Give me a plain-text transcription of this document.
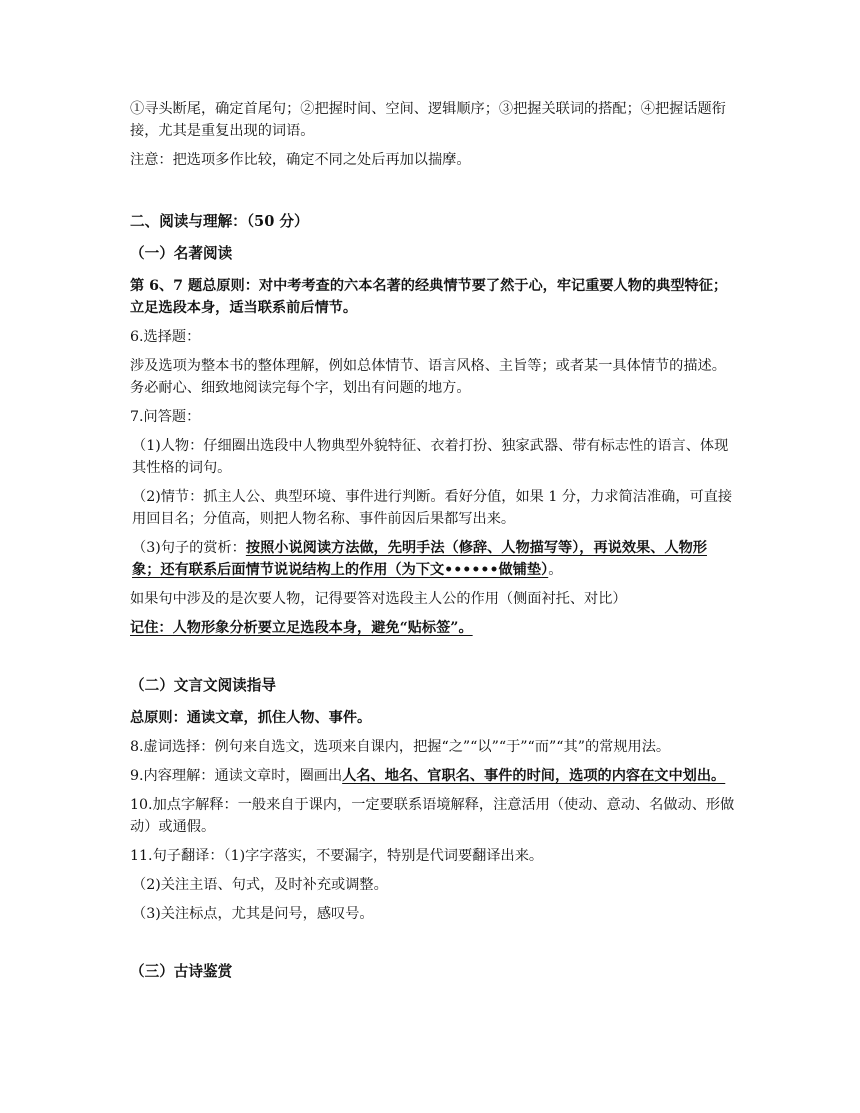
①寻头断尾，确定首尾句；②把握时间、空间、逻辑顺序；③把握关联词的搭配；④把握话题衔接，尤其是重复出现的词语。

注意：把选项多作比较，确定不同之处后再加以揣摩。

二、阅读与理解：（50 分）

（一）名著阅读

第 6、7 题总原则：对中考考查的六本名著的经典情节要了然于心，牢记重要人物的典型特征；立足选段本身，适当联系前后情节。

6.选择题：

涉及选项为整本书的整体理解，例如总体情节、语言风格、主旨等；或者某一具体情节的描述。务必耐心、细致地阅读完每个字，划出有问题的地方。

7.问答题：

（1)人物：仔细圈出选段中人物典型外貌特征、衣着打扮、独家武器、带有标志性的语言、体现其性格的词句。

（2)情节：抓主人公、典型环境、事件进行判断。看好分值，如果 1 分，力求简洁准确，可直接用回目名；分值高，则把人物名称、事件前因后果都写出来。

（3)句子的赏析：按照小说阅读方法做，先明手法（修辞、人物描写等），再说效果、人物形象；还有联系后面情节说说结构上的作用（为下文••••••做铺垫）。

如果句中涉及的是次要人物，记得要答对选段主人公的作用（侧面衬托、对比）

记住：人物形象分析要立足选段本身，避免“贴标签”。

（二）文言文阅读指导

总原则：通读文章，抓住人物、事件。

8.虚词选择：例句来自选文，选项来自课内，把握“之”“以”“于”“而”“其”的常规用法。

9.内容理解：通读文章时，圈画出人名、地名、官职名、事件的时间，选项的内容在文中划出。

10.加点字解释：一般来自于课内，一定要联系语境解释，注意活用（使动、意动、名做动、形做动）或通假。

11.句子翻译：（1)字字落实，不要漏字，特别是代词要翻译出来。

（2)关注主语、句式，及时补充或调整。

（3)关注标点，尤其是问号，感叹号。

（三）古诗鉴赏
